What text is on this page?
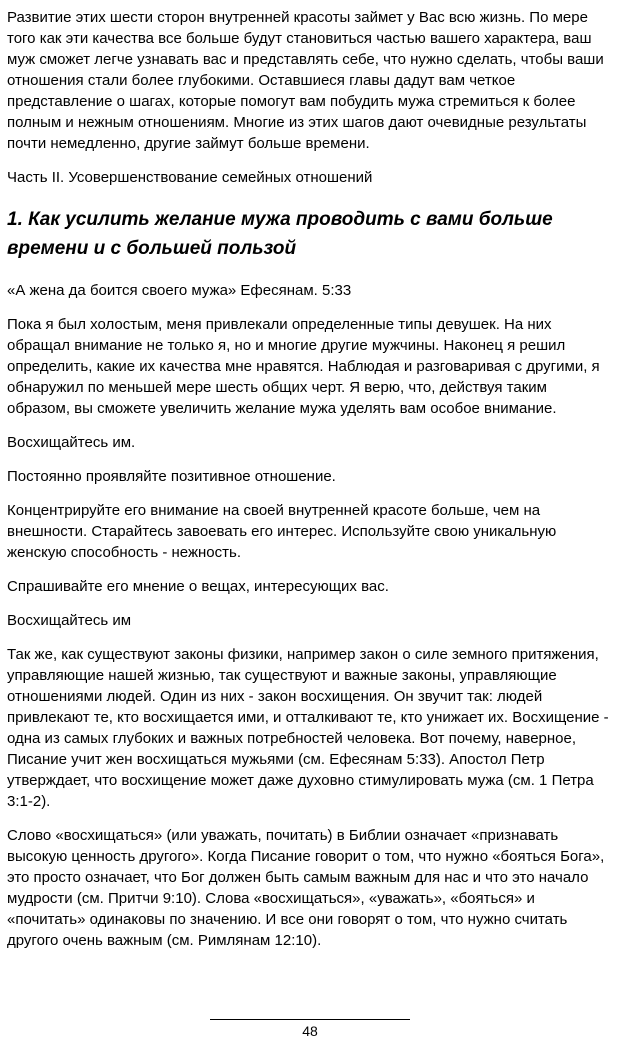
Развитие этих шести сторон внутренней красоты займет у Вас всю жизнь. По мере того как эти качества все больше будут становиться частью вашего характера, ваш муж сможет легче узнавать вас и представлять себе, что нужно сделать, чтобы ваши отношения стали более глубокими. Оставшиеся главы дадут вам четкое представление о шагах, которые помогут вам побудить мужа стремиться к более полным и нежным отношениям. Многие из этих шагов дают очевидные результаты почти немедленно, другие займут больше времени.

Часть II. Усовершенствование семейных отношений

1. Как усилить желание мужа проводить с вами больше времени и с большей пользой

«А жена да боится своего мужа» Ефесянам. 5:33

Пока я был холостым, меня привлекали определенные типы девушек. На них обращал внимание не только я, но и многие другие мужчины. Наконец я решил определить, какие их качества мне нравятся. Наблюдая и разговаривая с другими, я обнаружил по меньшей мере шесть общих черт. Я верю, что, действуя таким образом, вы сможете увеличить желание мужа уделять вам особое внимание.

Восхищайтесь им.

Постоянно проявляйте позитивное отношение.

Концентрируйте его внимание на своей внутренней красоте больше, чем на внешности. Старайтесь завоевать его интерес. Используйте свою уникальную женскую способность - нежность.

Спрашивайте его мнение о вещах, интересующих вас.

Восхищайтесь им

Так же, как существуют законы физики, например закон о силе земного притяжения, управляющие нашей жизнью, так существуют и важные законы, управляющие отношениями людей. Один из них - закон восхищения. Он звучит так: людей привлекают те, кто восхищается ими, и отталкивают те, кто унижает их. Восхищение - одна из самых глубоких и важных потребностей человека. Вот почему, наверное, Писание учит жен восхищаться мужьями (см. Ефесянам 5:33). Апостол Петр утверждает, что восхищение может даже духовно стимулировать мужа (см. 1 Петра 3:1-2).

Слово «восхищаться» (или уважать, почитать) в Библии означает «признавать высокую ценность другого». Когда Писание говорит о том, что нужно «бояться Бога», это просто означает, что Бог должен быть самым важным для нас и что это начало мудрости (см. Притчи 9:10). Слова «восхищаться», «уважать», «бояться» и «почитать» одинаковы по значению. И все они говорят о том, что нужно считать другого очень важным (см. Римлянам 12:10).

48
